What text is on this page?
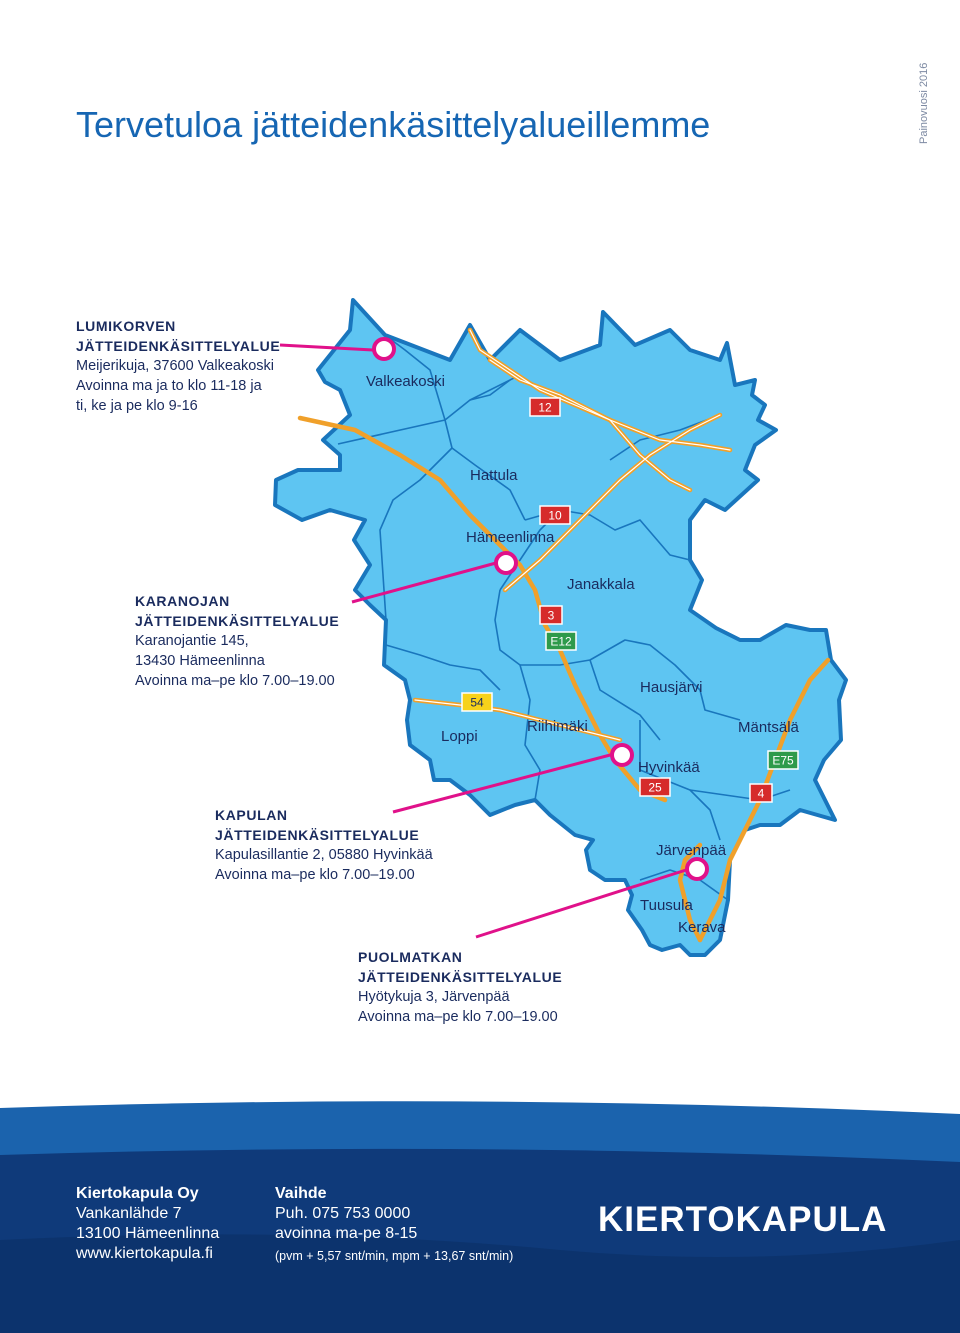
Painovuosi 2016
Tervetuloa jätteidenkäsittelyalueillemme
12
10
3
E12
54
25
E75
4
Valkeakoski
Hattula
Hämeenlinna
Janakkala
Hausjärvi
Loppi
Riihimäki	Mäntsälä
Hyvinkää
Järvenpää
Tuusula
Kerava
LUMIKORVEN
JÄTTEIDENKÄSITTELYALUE
Meijerikuja, 37600 Valkeakoski
Avoinna ma ja to klo 11-18 ja
ti, ke ja pe klo 9-16
KARANOJAN
JÄTTEIDENKÄSITTELYALUE
Karanojantie 145,
13430 Hämeenlinna
Avoinna ma–pe klo 7.00–19.00
KAPULAN
JÄTTEIDENKÄSITTELYALUE
Kapulasillantie 2, 05880 Hyvinkää
Avoinna ma–pe klo 7.00–19.00
PUOLMATKAN
JÄTTEIDENKÄSITTELYALUE
Hyötykuja 3, Järvenpää
Avoinna ma–pe klo 7.00–19.00
Kiertokapula Oy
Vankanlähde 7
13100 Hämeenlinna
www.kiertokapula.fi
Vaihde
Puh. 075 753 0000
avoinna ma-pe 8-15
(pvm + 5,57 snt/min, mpm + 13,67 snt/min)
KIERTOKAPULA
